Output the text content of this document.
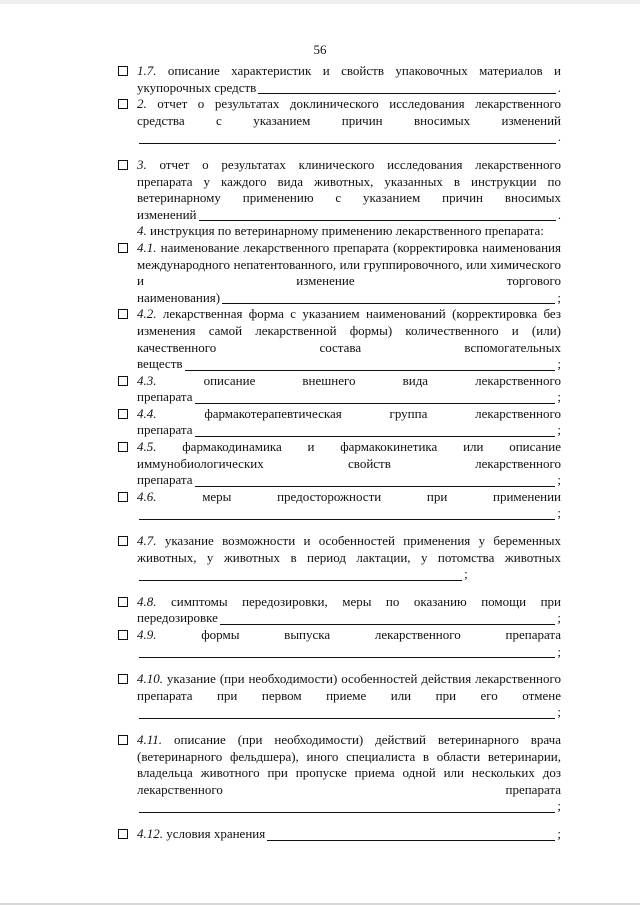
56
1.7. описание характеристик и свойств упаковочных материалов и
укупорочных средств	.
2. отчет о результатах доклинического исследования лекарственного
средства с указанием причин вносимых изменений
.
3. отчет о результатах клинического исследования лекарственного препарата у каждого вида животных, указанных в инструкции по ветеринарному применению с указанием причин вносимых
изменений	.
4. инструкция по ветеринарному применению лекарственного препарата:
4.1. наименование лекарственного препарата (корректировка наименования международного непатентованного, или группировочного, или химического и изменение торгового
наименования)	;
4.2. лекарственная форма с указанием наименований (корректировка без изменения самой лекарственной формы) количественного и (или) качественного состава вспомогательных
веществ	;
4.3.	описание внешнего вида лекарственного
препарата	;
4.4.	фармакотерапевтическая группа лекарственного
препарата	;
4.5. фармакодинамика и фармакокинетика или описание иммунобиологических свойств лекарственного
препарата	;
4.6.	меры предосторожности при применении
;
4.7. указание возможности и особенностей применения у беременных животных, у животных в период лактации, у потомства животных
;
4.8. симптомы передозировки, меры по оказанию помощи при
передозировке	;
4.9.	формы выпуска лекарственного препарата
;
4.10. указание (при необходимости) особенностей действия лекарственного препарата при первом приеме или при его отмене
;
4.11. описание (при необходимости) действий ветеринарного врача (ветеринарного фельдшера), иного специалиста в области ветеринарии, владельца животного при пропуске приема одной или нескольких доз лекарственного препарата
;
4.12.
условия хранения	;
